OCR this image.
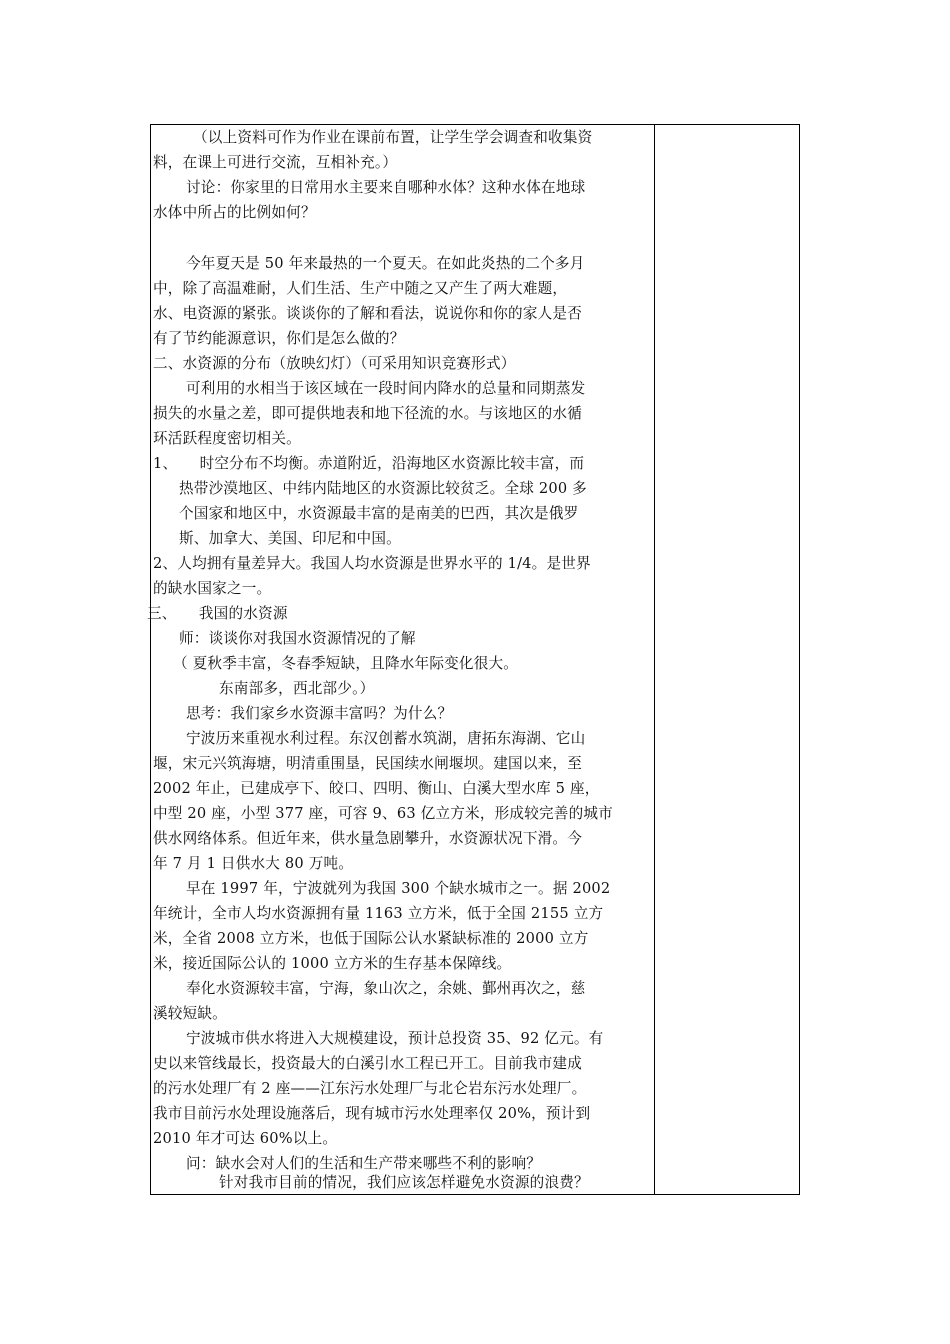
（以上资料可作为作业在课前布置，让学生学会调查和收集资
料，在课上可进行交流，互相补充。）
讨论：你家里的日常用水主要来自哪种水体？这种水体在地球
水体中所占的比例如何？
今年夏天是 50 年来最热的一个夏天。在如此炎热的二个多月
中，除了高温难耐，人们生活、生产中随之又产生了两大难题，
水、电资源的紧张。谈谈你的了解和看法，说说你和你的家人是否
有了节约能源意识，你们是怎么做的？
二、水资源的分布（放映幻灯）（可采用知识竞赛形式）
可利用的水相当于该区域在一段时间内降水的总量和同期蒸发
损失的水量之差，即可提供地表和地下径流的水。与该地区的水循
环活跃程度密切相关。
1、　　时空分布不均衡。赤道附近，沿海地区水资源比较丰富，而
热带沙漠地区、中纬内陆地区的水资源比较贫乏。全球 200 多
个国家和地区中，水资源最丰富的是南美的巴西，其次是俄罗
斯、加拿大、美国、印尼和中国。
2、人均拥有量差异大。我国人均水资源是世界水平的 1/4。是世界
的缺水国家之一。
三、　　我国的水资源
师：谈谈你对我国水资源情况的了解
（ 夏秋季丰富，冬春季短缺，且降水年际变化很大。
东南部多，西北部少。）
思考：我们家乡水资源丰富吗？为什么？
宁波历来重视水利过程。东汉创蓄水筑湖，唐拓东海湖、它山
堰，宋元兴筑海塘，明清重围垦，民国续水闸堰坝。建国以来，至
2002 年止，已建成亭下、皎口、四明、衡山、白溪大型水库 5 座，
中型 20 座，小型 377 座，可容 9、63 亿立方米，形成较完善的城市
供水网络体系。但近年来，供水量急剧攀升，水资源状况下滑。今
年 7 月 1 日供水大 80 万吨。
早在 1997 年，宁波就列为我国 300 个缺水城市之一。据 2002
年统计，全市人均水资源拥有量 1163 立方米，低于全国 2155 立方
米，全省 2008 立方米，也低于国际公认水紧缺标准的 2000 立方
米，接近国际公认的 1000 立方米的生存基本保障线。
奉化水资源较丰富，宁海，象山次之，余姚、鄞州再次之，慈
溪较短缺。
宁波城市供水将进入大规模建设，预计总投资 35、92 亿元。有
史以来管线最长，投资最大的白溪引水工程已开工。目前我市建成
的污水处理厂有 2 座——江东污水处理厂与北仑岩东污水处理厂。
我市目前污水处理设施落后，现有城市污水处理率仅 20%，预计到
2010 年才可达 60%以上。
问：缺水会对人们的生活和生产带来哪些不利的影响？
针对我市目前的情况，我们应该怎样避免水资源的浪费？
